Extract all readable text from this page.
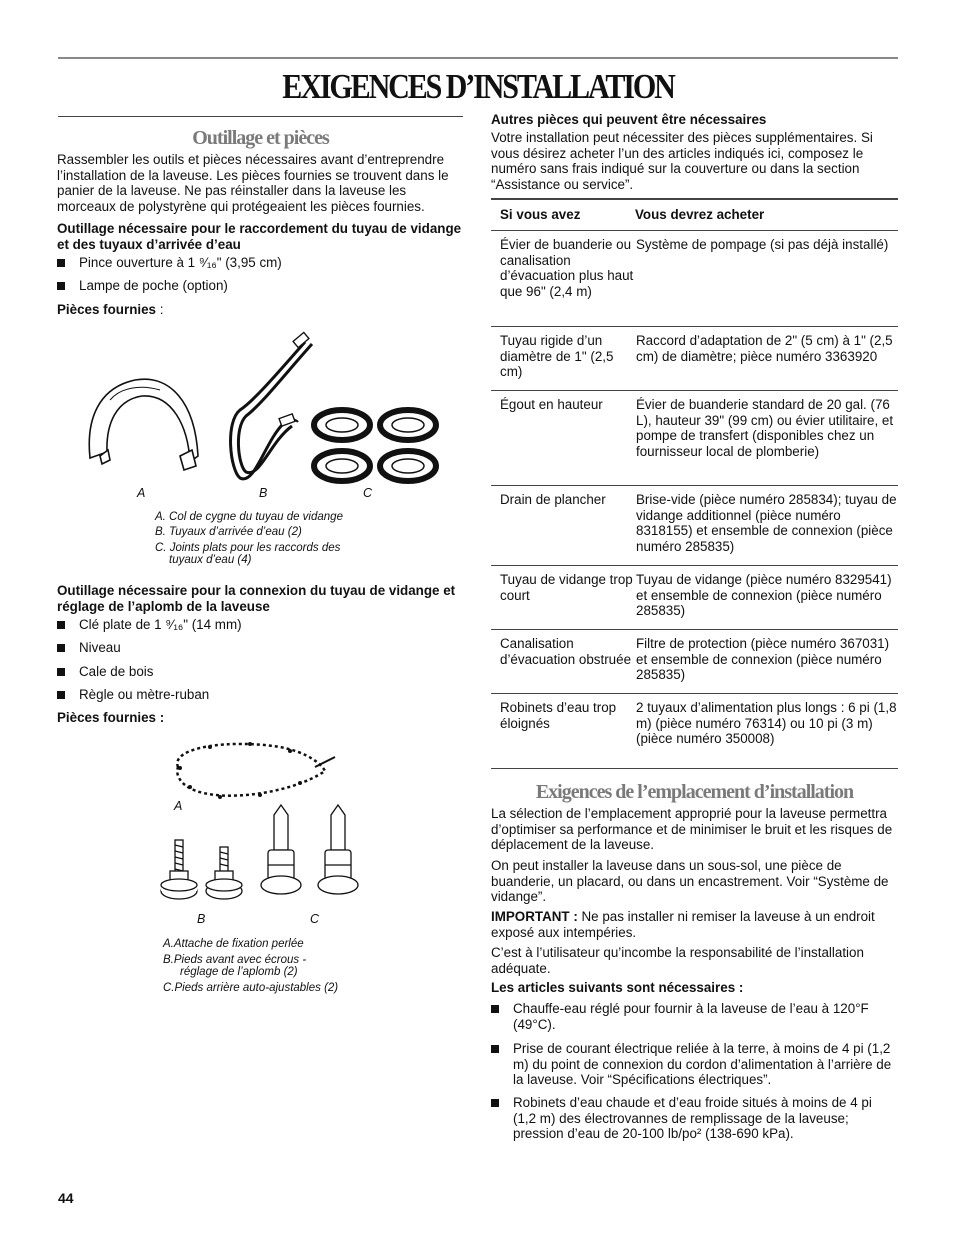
EXIGENCES D’INSTALLATION
Outillage et pièces

Rassembler les outils et pièces nécessaires avant d’entreprendre l’installation de la laveuse. Les pièces fournies se trouvent dans le panier de la laveuse. Ne pas réinstaller dans la laveuse les morceaux de polystyrène qui protégeaient les pièces fournies.

Outillage nécessaire pour le raccordement du tuyau de vidange et des tuyaux d’arrivée d’eau

Pince ouverture à 1 ⁹⁄₁₆" (3,95 cm)
Lampe de poche (option)

Pièces fournies :

A	B	C
A. Col de cygne du tuyau de vidange
B. Tuyaux d’arrivée d’eau (2)
C. Joints plats pour les raccords des
tuyaux d’eau (4)

Outillage nécessaire pour la connexion du tuyau de vidange et réglage de l’aplomb de la laveuse

Clé plate de 1 ⁹⁄₁₆" (14 mm)
Niveau
Cale de bois
Règle ou mètre-ruban

Pièces fournies :

A
B	C
A.Attache de fixation perlée
B.Pieds avant avec écrous -
réglage de l’aplomb (2)
C.Pieds arrière auto-ajustables (2)

Autres pièces qui peuvent être nécessaires

Votre installation peut nécessiter des pièces supplémentaires. Si vous désirez acheter l’un des articles indiqués ici, composez le numéro sans frais indiqué sur la couverture ou dans la section “Assistance ou service”.

Si vous avez	Vous devrez acheter
Évier de buanderie ou canalisation d’évacuation plus haut que 96" (2,4 m)	Système de pompage (si pas déjà installé)
Tuyau rigide d’un diamètre de 1" (2,5 cm)	Raccord d’adaptation de 2" (5 cm) à 1" (2,5 cm) de diamètre; pièce numéro 3363920
Égout en hauteur	Évier de buanderie standard de 20 gal. (76 L), hauteur 39" (99 cm) ou évier utilitaire, et pompe de transfert (disponibles chez un fournisseur local de plomberie)
Drain de plancher	Brise-vide (pièce numéro 285834); tuyau de vidange additionnel (pièce numéro 8318155) et ensemble de connexion (pièce numéro 285835)
Tuyau de vidange trop court	Tuyau de vidange (pièce numéro 8329541) et ensemble de connexion (pièce numéro 285835)
Canalisation d’évacuation obstruée	Filtre de protection (pièce numéro 367031) et ensemble de connexion (pièce numéro 285835)
Robinets d’eau trop éloignés	2 tuyaux d’alimentation plus longs : 6 pi (1,8 m) (pièce numéro 76314) ou 10 pi (3 m) (pièce numéro 350008)
Exigences de l’emplacement d’installation

La sélection de l’emplacement approprié pour la laveuse permettra d’optimiser sa performance et de minimiser le bruit et les risques de déplacement de la laveuse.

On peut installer la laveuse dans un sous-sol, une pièce de buanderie, un placard, ou dans un encastrement. Voir “Système de vidange”.

IMPORTANT : Ne pas installer ni remiser la laveuse à un endroit exposé aux intempéries.

C’est à l’utilisateur qu’incombe la responsabilité de l’installation adéquate.

Les articles suivants sont nécessaires :

Chauffe-eau réglé pour fournir à la laveuse de l’eau à 120°F (49°C).
Prise de courant électrique reliée à la terre, à moins de 4 pi (1,2 m) du point de connexion du cordon d’alimentation à l’arrière de la laveuse. Voir “Spécifications électriques”.
Robinets d’eau chaude et d’eau froide situés à moins de 4 pi (1,2 m) des électrovannes de remplissage de la laveuse; pression d’eau de 20-100 lb/po² (138-690 kPa).
44
